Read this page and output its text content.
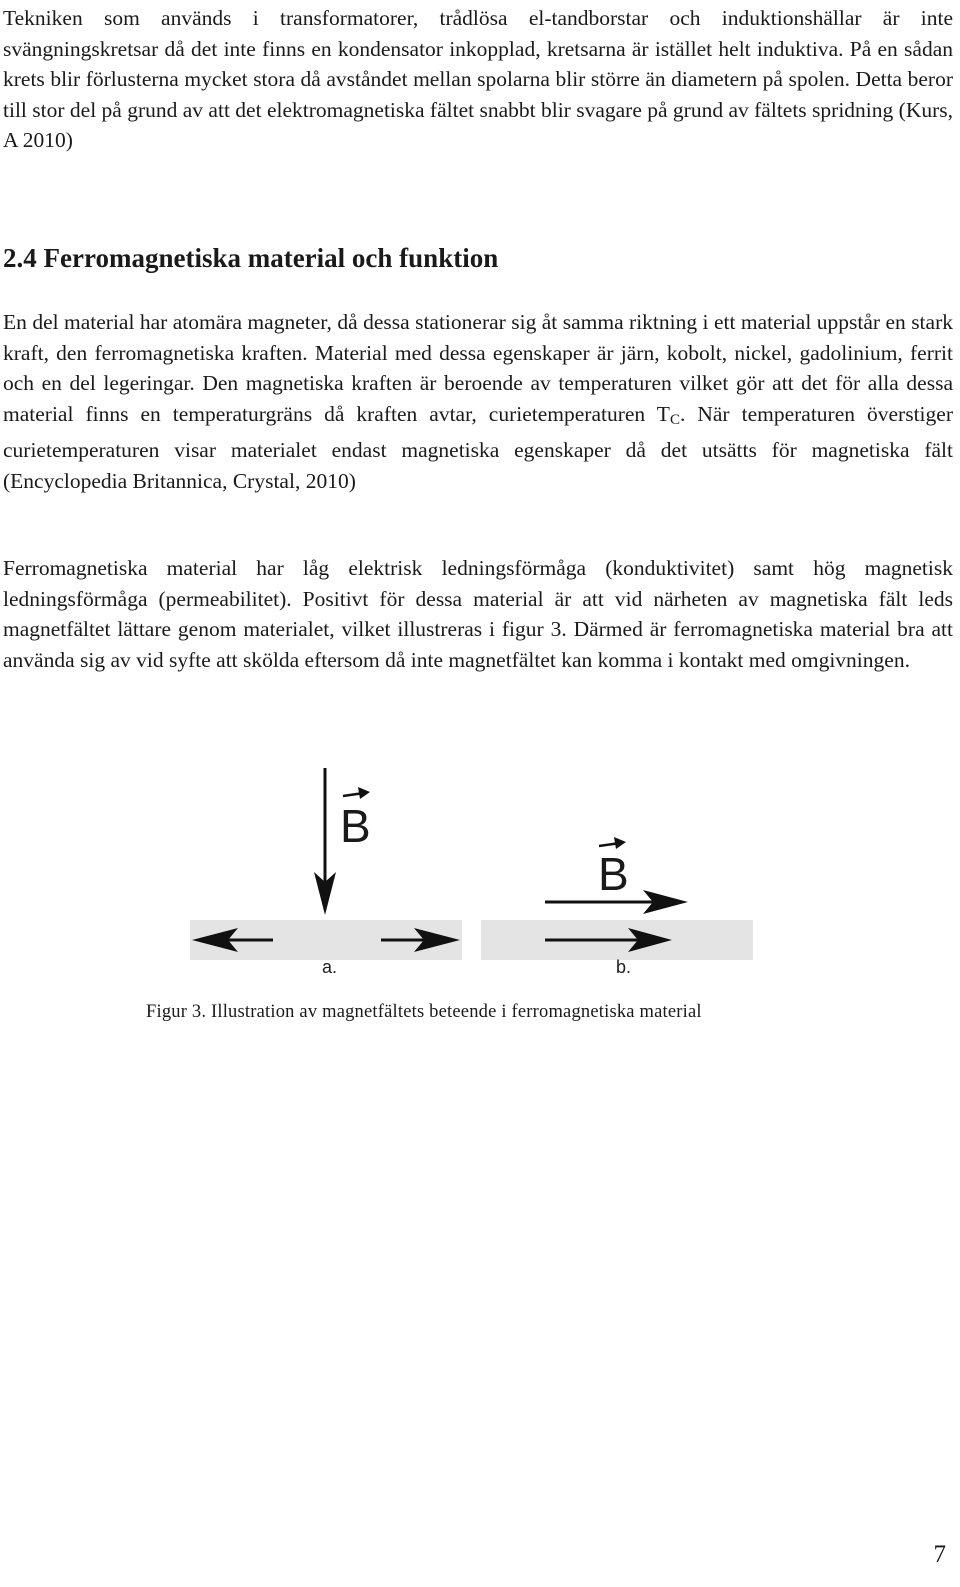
Tekniken som används i transformatorer, trådlösa el-tandborstar och induktionshällar är inte svängningskretsar då det inte finns en kondensator inkopplad, kretsarna är istället helt induktiva. På en sådan krets blir förlusterna mycket stora då avståndet mellan spolarna blir större än diametern på spolen. Detta beror till stor del på grund av att det elektromagnetiska fältet snabbt blir svagare på grund av fältets spridning (Kurs, A 2010)

2.4 Ferromagnetiska material och funktion

En del material har atomära magneter, då dessa stationerar sig åt samma riktning i ett material uppstår en stark kraft, den ferromagnetiska kraften. Material med dessa egenskaper är järn, kobolt, nickel, gadolinium, ferrit och en del legeringar. Den magnetiska kraften är beroende av temperaturen vilket gör att det för alla dessa material finns en temperaturgräns då kraften avtar, curietemperaturen $T_C$. När temperaturen överstiger curietemperaturen visar materialet endast magnetiska egenskaper då det utsätts för magnetiska fält (Encyclopedia Britannica, Crystal, 2010)

Ferromagnetiska material har låg elektrisk ledningsförmåga (konduktivitet) samt hög magnetisk ledningsförmåga (permeabilitet). Positivt för dessa material är att vid närheten av magnetiska fält leds magnetfältet lättare genom materialet, vilket illustreras i figur 3. Därmed är ferromagnetiska material bra att använda sig av vid syfte att skölda eftersom då inte magnetfältet kan komma i kontakt med omgivningen.

B
a.
B
b.
Figur 3. Illustration av magnetfältets beteende i ferromagnetiska material
7
